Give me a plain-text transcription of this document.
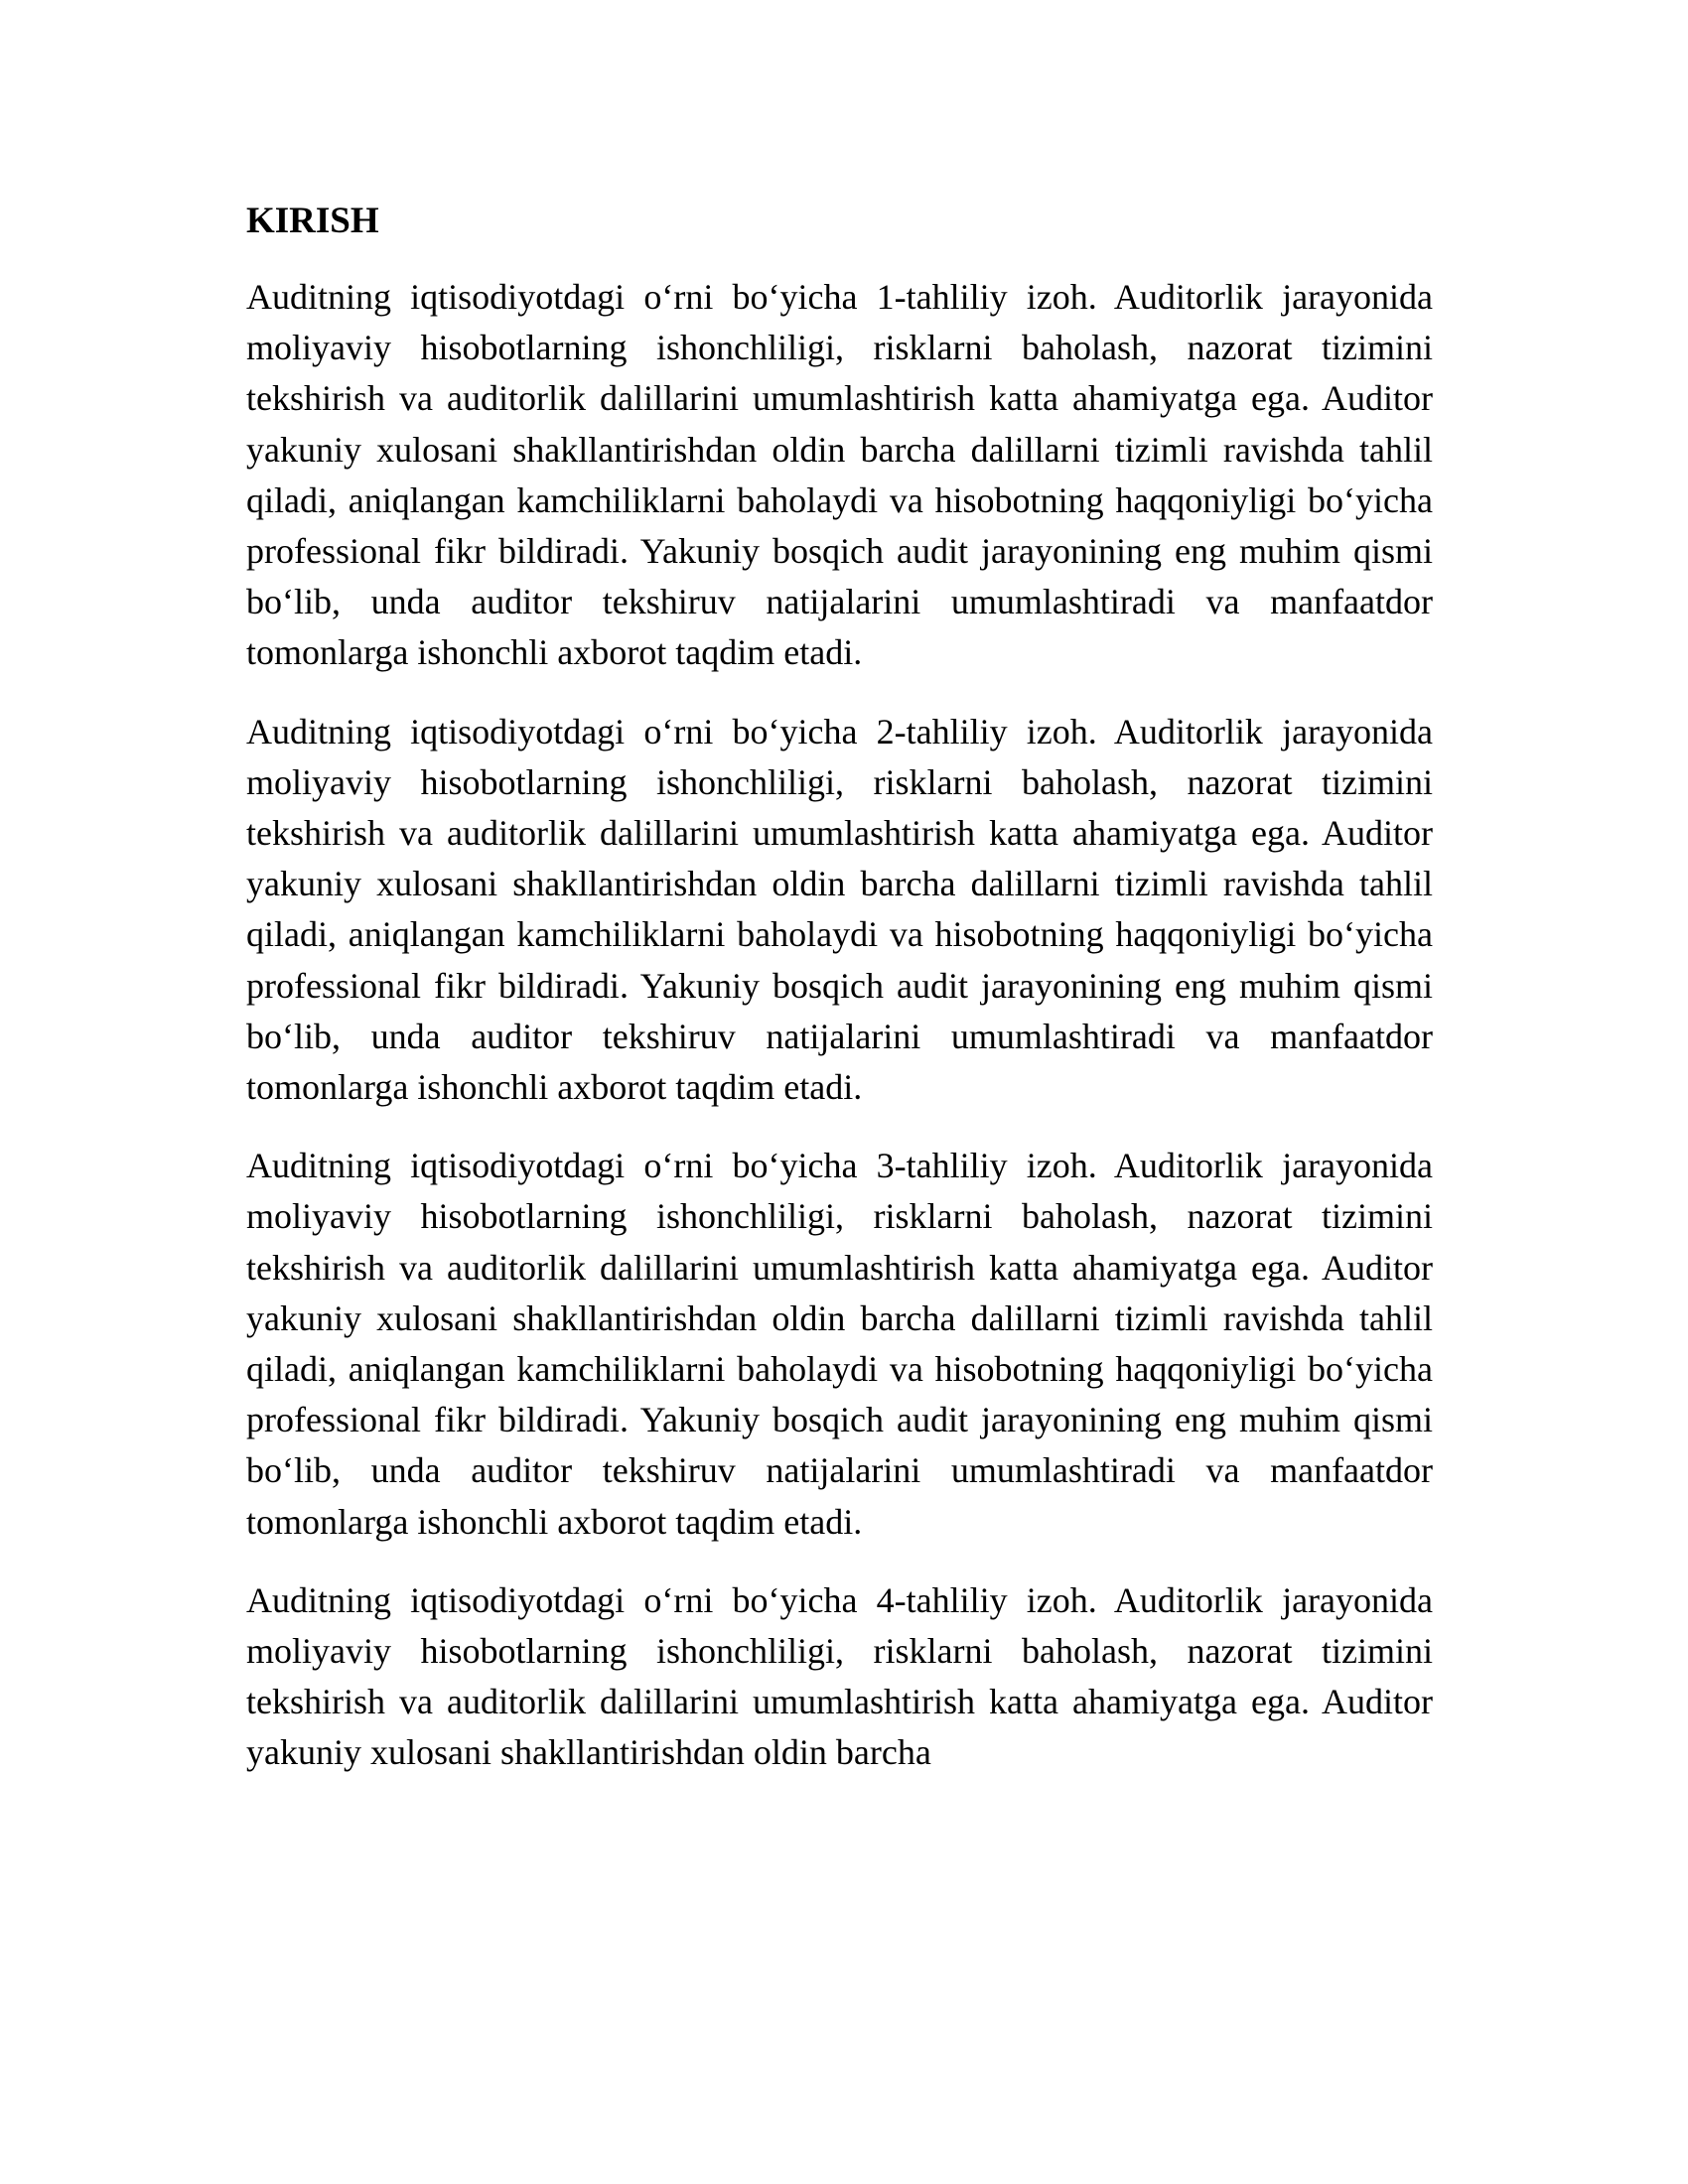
KIRISH

Auditning iqtisodiyotdagi o‘rni bo‘yicha 1-tahliliy izoh. Auditorlik jarayonida moliyaviy hisobotlarning ishonchliligi, risklarni baholash, nazorat tizimini tekshirish va auditorlik dalillarini umumlashtirish katta ahamiyatga ega. Auditor yakuniy xulosani shakllantirishdan oldin barcha dalillarni tizimli ravishda tahlil qiladi, aniqlangan kamchiliklarni baholaydi va hisobotning haqqoniyligi bo‘yicha professional fikr bildiradi. Yakuniy bosqich audit jarayonining eng muhim qismi bo‘lib, unda auditor tekshiruv natijalarini umumlashtiradi va manfaatdor tomonlarga ishonchli axborot taqdim etadi.

Auditning iqtisodiyotdagi o‘rni bo‘yicha 2-tahliliy izoh. Auditorlik jarayonida moliyaviy hisobotlarning ishonchliligi, risklarni baholash, nazorat tizimini tekshirish va auditorlik dalillarini umumlashtirish katta ahamiyatga ega. Auditor yakuniy xulosani shakllantirishdan oldin barcha dalillarni tizimli ravishda tahlil qiladi, aniqlangan kamchiliklarni baholaydi va hisobotning haqqoniyligi bo‘yicha professional fikr bildiradi. Yakuniy bosqich audit jarayonining eng muhim qismi bo‘lib, unda auditor tekshiruv natijalarini umumlashtiradi va manfaatdor tomonlarga ishonchli axborot taqdim etadi.

Auditning iqtisodiyotdagi o‘rni bo‘yicha 3-tahliliy izoh. Auditorlik jarayonida moliyaviy hisobotlarning ishonchliligi, risklarni baholash, nazorat tizimini tekshirish va auditorlik dalillarini umumlashtirish katta ahamiyatga ega. Auditor yakuniy xulosani shakllantirishdan oldin barcha dalillarni tizimli ravishda tahlil qiladi, aniqlangan kamchiliklarni baholaydi va hisobotning haqqoniyligi bo‘yicha professional fikr bildiradi. Yakuniy bosqich audit jarayonining eng muhim qismi bo‘lib, unda auditor tekshiruv natijalarini umumlashtiradi va manfaatdor tomonlarga ishonchli axborot taqdim etadi.

Auditning iqtisodiyotdagi o‘rni bo‘yicha 4-tahliliy izoh. Auditorlik jarayonida moliyaviy hisobotlarning ishonchliligi, risklarni baholash, nazorat tizimini tekshirish va auditorlik dalillarini umumlashtirish katta ahamiyatga ega. Auditor yakuniy xulosani shakllantirishdan oldin barcha
